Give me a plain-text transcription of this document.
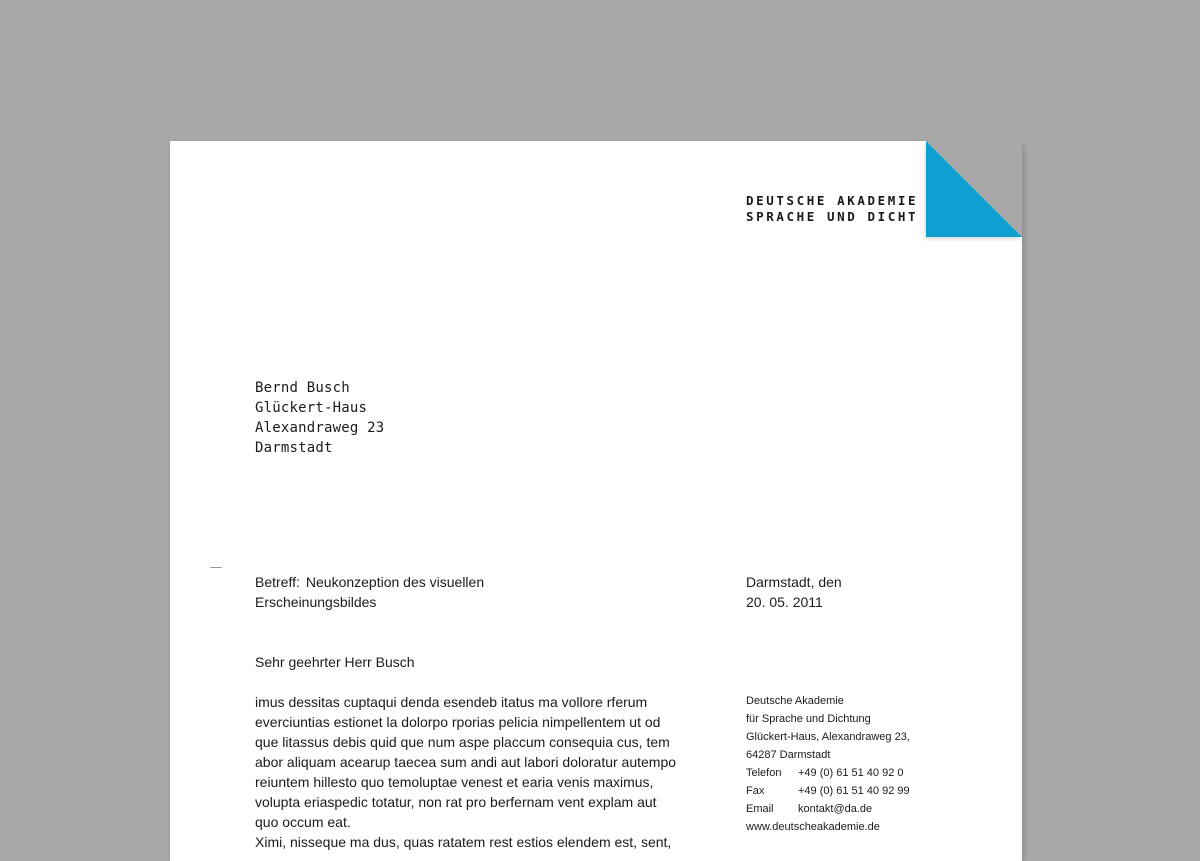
DEUTSCHE AKADEMIE
SPRACHE UND DICHT
Bernd Busch
Glückert-Haus
Alexandraweg 23
Darmstadt
Betreff: Neukonzeption des visuellen
Erscheinungsbildes
Darmstadt, den
20. 05. 2011
Sehr geehrter Herr Busch
imus dessitas cuptaqui denda esendeb itatus ma vollore rferum
everciuntias estionet la dolorpo rporias pelicia nimpellentem ut od
que litassus debis quid que num aspe placcum consequia cus, tem
abor aliquam acearup taecea sum andi aut labori doloratur autempo
reiuntem hillesto quo temoluptae venest et earia venis maximus,
volupta eriaspedic totatur, non rat pro berfernam vent explam aut
quo occum eat.
Ximi, nisseque ma dus, quas ratatem rest estios elendem est, sent,
Deutsche Akademie
für Sprache und Dichtung
Glückert-Haus, Alexandraweg 23,
64287 Darmstadt
Telefon	+49 (0) 61 51 40 92 0
Fax	+49 (0) 61 51 40 92 99
Email	kontakt@da.de
www.deutscheakademie.de
